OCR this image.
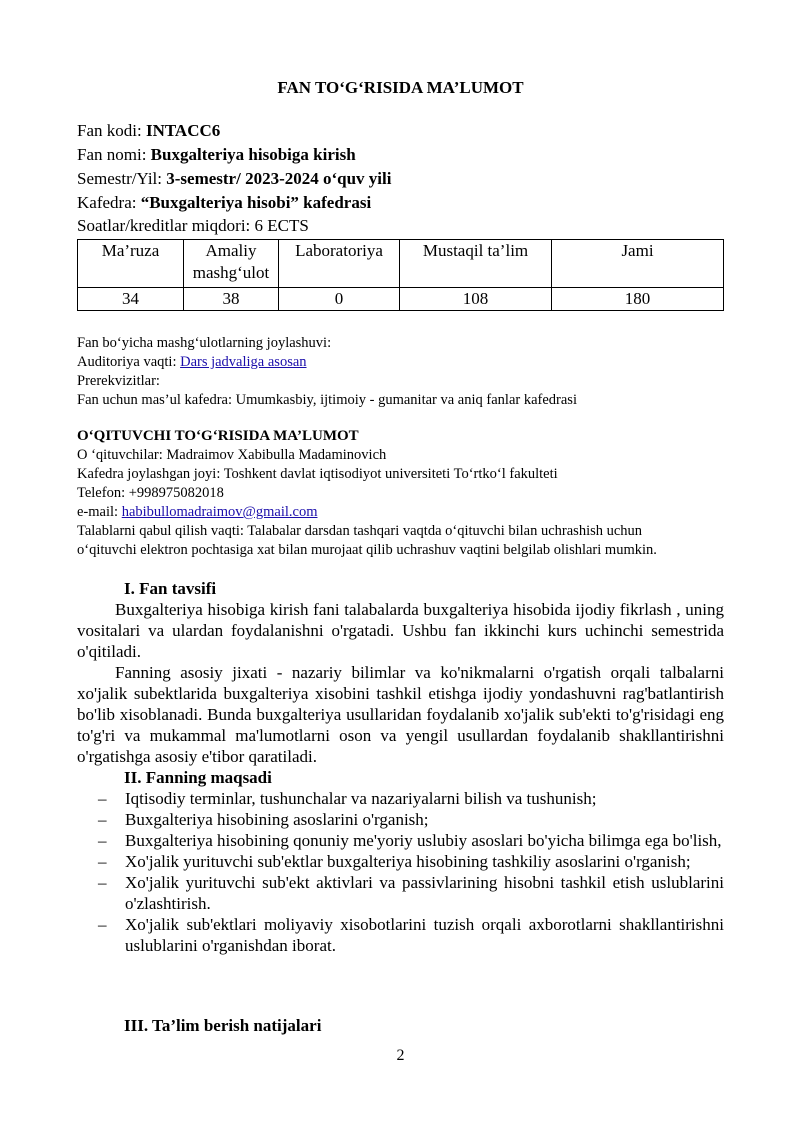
FAN TO‘G‘RISIDA MA’LUMOT
Fan kodi: INTACC6
Fan nomi: Buxgalteriya hisobiga kirish
Semestr/Yil: 3-semestr/ 2023-2024 o‘quv yili
Kafedra: “Buxgalteriya hisobi” kafedrasi
Soatlar/kreditlar miqdori: 6 ECTS
Ma’ruza	Amaliy mashg‘ulot	Laboratoriya	Mustaqil ta’lim	Jami
34	38	0	108	180
Fan bo‘yicha mashg‘ulotlarning joylashuvi:
Auditoriya vaqti: Dars jadvaliga asosan
Prerekvizitlar:
Fan uchun mas’ul kafedra: Umumkasbiy, ijtimoiy - gumanitar va aniq fanlar kafedrasi
O‘QITUVCHI TO‘G‘RISIDA MA’LUMOT
O ‘qituvchilar: Madraimov Xabibulla Madaminovich
Kafedra joylashgan joyi: Toshkent davlat iqtisodiyot universiteti To‘rtko‘l fakulteti
Telefon: +998975082018
e-mail: habibullomadraimov@gmail.com
Talablarni qabul qilish vaqti: Talabalar darsdan tashqari vaqtda o‘qituvchi bilan uchrashish uchun
o‘qituvchi elektron pochtasiga xat bilan murojaat qilib uchrashuv vaqtini belgilab olishlari mumkin.
I. Fan tavsifi

Buxgalteriya hisobiga kirish fani talabalarda buxgalteriya hisobida ijodiy fikrlash , uning vositalari va ulardan foydalanishni o'rgatadi. Ushbu fan ikkinchi kurs uchinchi semestrida o'qitiladi.

Fanning asosiy jixati - nazariy bilimlar va ko'nikmalarni o'rgatish orqali talbalarni xo'jalik subektlarida buxgalteriya xisobini tashkil etishga ijodiy yondashuvni rag'batlantirish bo'lib xisoblanadi. Bunda buxgalteriya usullaridan foydalanib xo'jalik sub'ekti to'g'risidagi eng to'g'ri va mukammal ma'lumotlarni oson va yengil usullardan foydalanib shakllantirishni o'rgatishga asosiy e'tibor qaratiladi.

II. Fanning maqsadi
– Iqtisodiy terminlar, tushunchalar va nazariyalarni bilish va tushunish;
– Buxgalteriya hisobining asoslarini o'rganish;
– Buxgalteriya hisobining qonuniy me'yoriy uslubiy asoslari bo'yicha bilimga ega bo'lish,
– Xo'jalik yurituvchi sub'ektlar buxgalteriya hisobining tashkiliy asoslarini o'rganish;
– Xo'jalik yurituvchi sub'ekt aktivlari va passivlarining hisobni tashkil etish uslublarini o'zlashtirish.
– Xo'jalik sub'ektlari moliyaviy xisobotlarini tuzish orqali axborotlarni shakllantirishni uslublarini o'rganishdan iborat.
III. Ta’lim berish natijalari
2
